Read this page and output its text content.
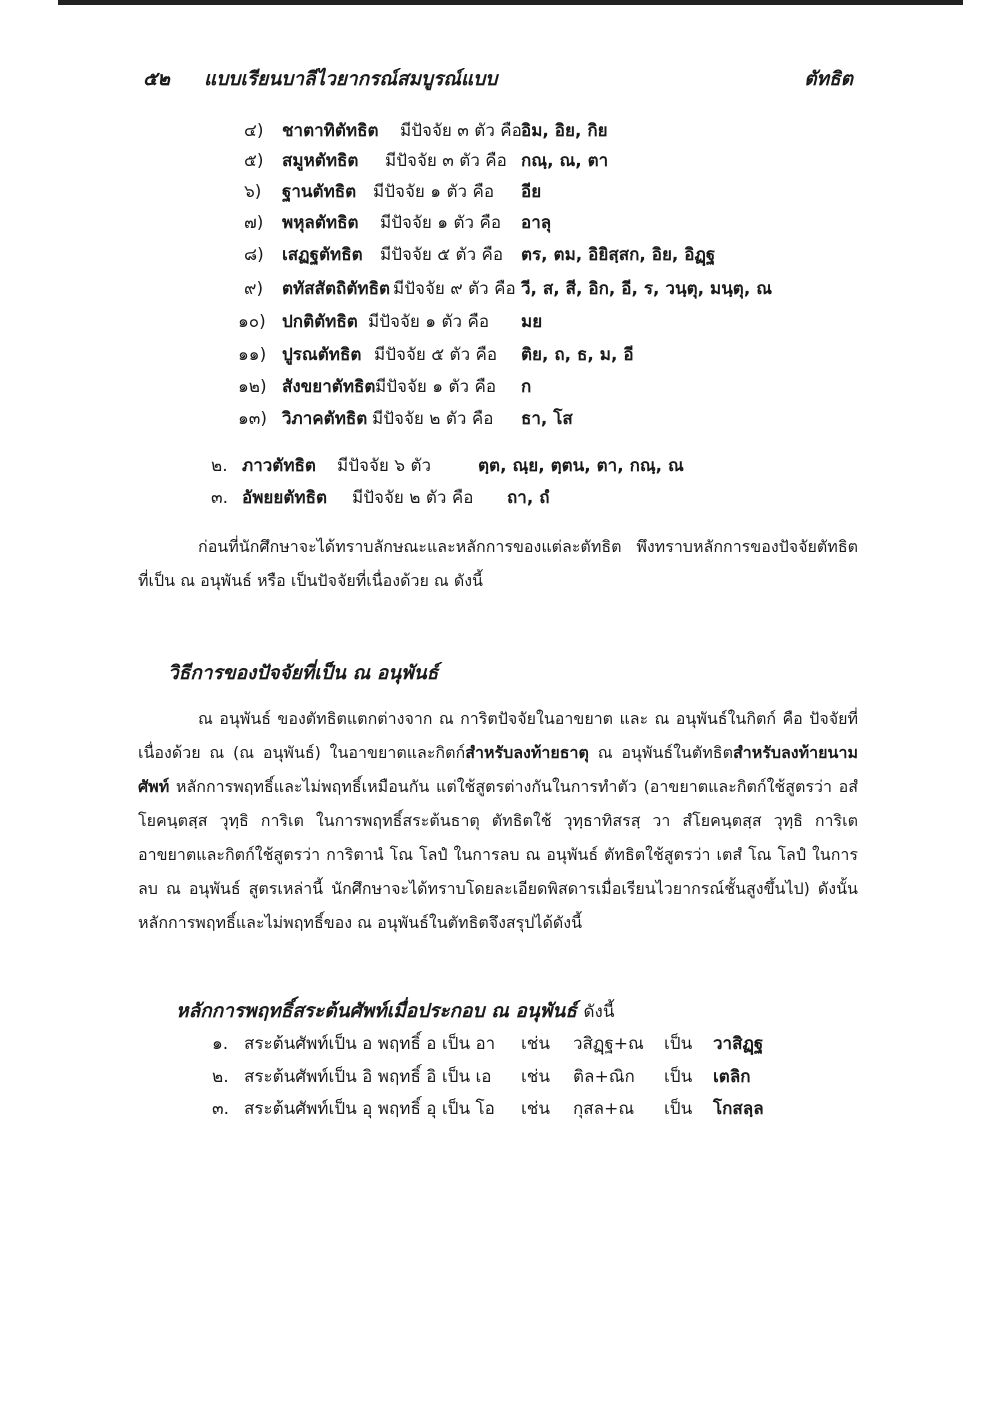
๕๒ แบบเรียนบาลีไวยากรณ์สมบูรณ์แบบ	ตัทธิต
๔) ชาตาทิตัทธิต มีปัจจัย ๓ ตัว คือ อิม, อิย, กิย
๕) สมูหตัทธิต มีปัจจัย ๓ ตัว คือ กณฺ, ณ, ตา
๖) ฐานตัทธิต มีปัจจัย ๑ ตัว คือ อีย
๗) พหุลตัทธิต มีปัจจัย ๑ ตัว คือ อาลุ
๘) เสฏฐตัทธิต มีปัจจัย ๕ ตัว คือ ตร, ตม, อิยิสฺสก, อิย, อิฏฺฐ
๙) ตทัสสัตถิตัทธิต มีปัจจัย ๙ ตัว คือ วี, ส, สี, อิก, อี, ร, วนฺตุ, มนฺตุ, ณ
๑๐) ปกติตัทธิต มีปัจจัย ๑ ตัว คือ มย
๑๑) ปูรณตัทธิต มีปัจจัย ๕ ตัว คือ ติย, ถ, ธ, ม, อี
๑๒) สังขยาตัทธิต มีปัจจัย ๑ ตัว คือ ก
๑๓) วิภาคตัทธิต มีปัจจัย ๒ ตัว คือ ธา, โส
๒. ภาวตัทธิต มีปัจจัย ๖ ตัว	ตฺต, ณฺย, ตฺตน, ตา, กณฺ, ณ
๓. อัพยยตัทธิต มีปัจจัย ๒ ตัว คือ ถา, ถํ

ก่อนที่นักศึกษาจะได้ทราบลักษณะและหลักการของแต่ละตัทธิต พึงทราบหลักการของปัจจัยตัทธิตที่เป็น ณ อนุพันธ์ หรือ เป็นปัจจัยที่เนื่องด้วย ณ ดังนี้

วิธีการของปัจจัยที่เป็น ณ อนุพันธ์

ณ อนุพันธ์ ของตัทธิตแตกต่างจาก ณ การิตปัจจัยในอาขยาต และ ณ อนุพันธ์ในกิตก์ คือ ปัจจัยที่เนื่องด้วย ณ (ณ อนุพันธ์) ในอาขยาตและกิตก์สำหรับลงท้ายธาตุ ณ อนุพันธ์ในตัทธิตสำหรับลงท้ายนามศัพท์ หลักการพฤทธิ์และไม่พฤทธิ์เหมือนกัน แต่ใช้สูตรต่างกันในการทำตัว (อาขยาตและกิตก์ใช้สูตรว่า อสํโยคนฺตสฺส วุทฺธิ การิเต ในการพฤทธิ์สระต้นธาตุ ตัทธิตใช้ วุทฺธาทิสรสฺ วา สํโยคนฺตสฺส วุทฺธิ การิเต อาขยาตและกิตก์ใช้สูตรว่า การิตานํ โณ โลปํ ในการลบ ณ อนุพันธ์ ตัทธิตใช้สูตรว่า เตสํ โณ โลปํ ในการลบ ณ อนุพันธ์ สูตรเหล่านี้ นักศึกษาจะได้ทราบโดยละเอียดพิสดารเมื่อเรียนไวยากรณ์ชั้นสูงขึ้นไป) ดังนั้น หลักการพฤทธิ์และไม่พฤทธิ์ของ ณ อนุพันธ์ในตัทธิตจึงสรุปได้ดังนี้

หลักการพฤทธิ์สระต้นศัพท์เมื่อประกอบ ณ อนุพันธ์ ดังนี้
๑. สระต้นศัพท์เป็น อ พฤทธิ์ อ เป็น อา เช่น วสิฏฺฐ+ณ เป็น วาสิฏฺฐ
๒. สระต้นศัพท์เป็น อิ พฤทธิ์ อิ เป็น เอ เช่น ติล+ณิก เป็น เตลิก
๓. สระต้นศัพท์เป็น อุ พฤทธิ์ อุ เป็น โอ เช่น กุสล+ณ เป็น โกสลฺล
